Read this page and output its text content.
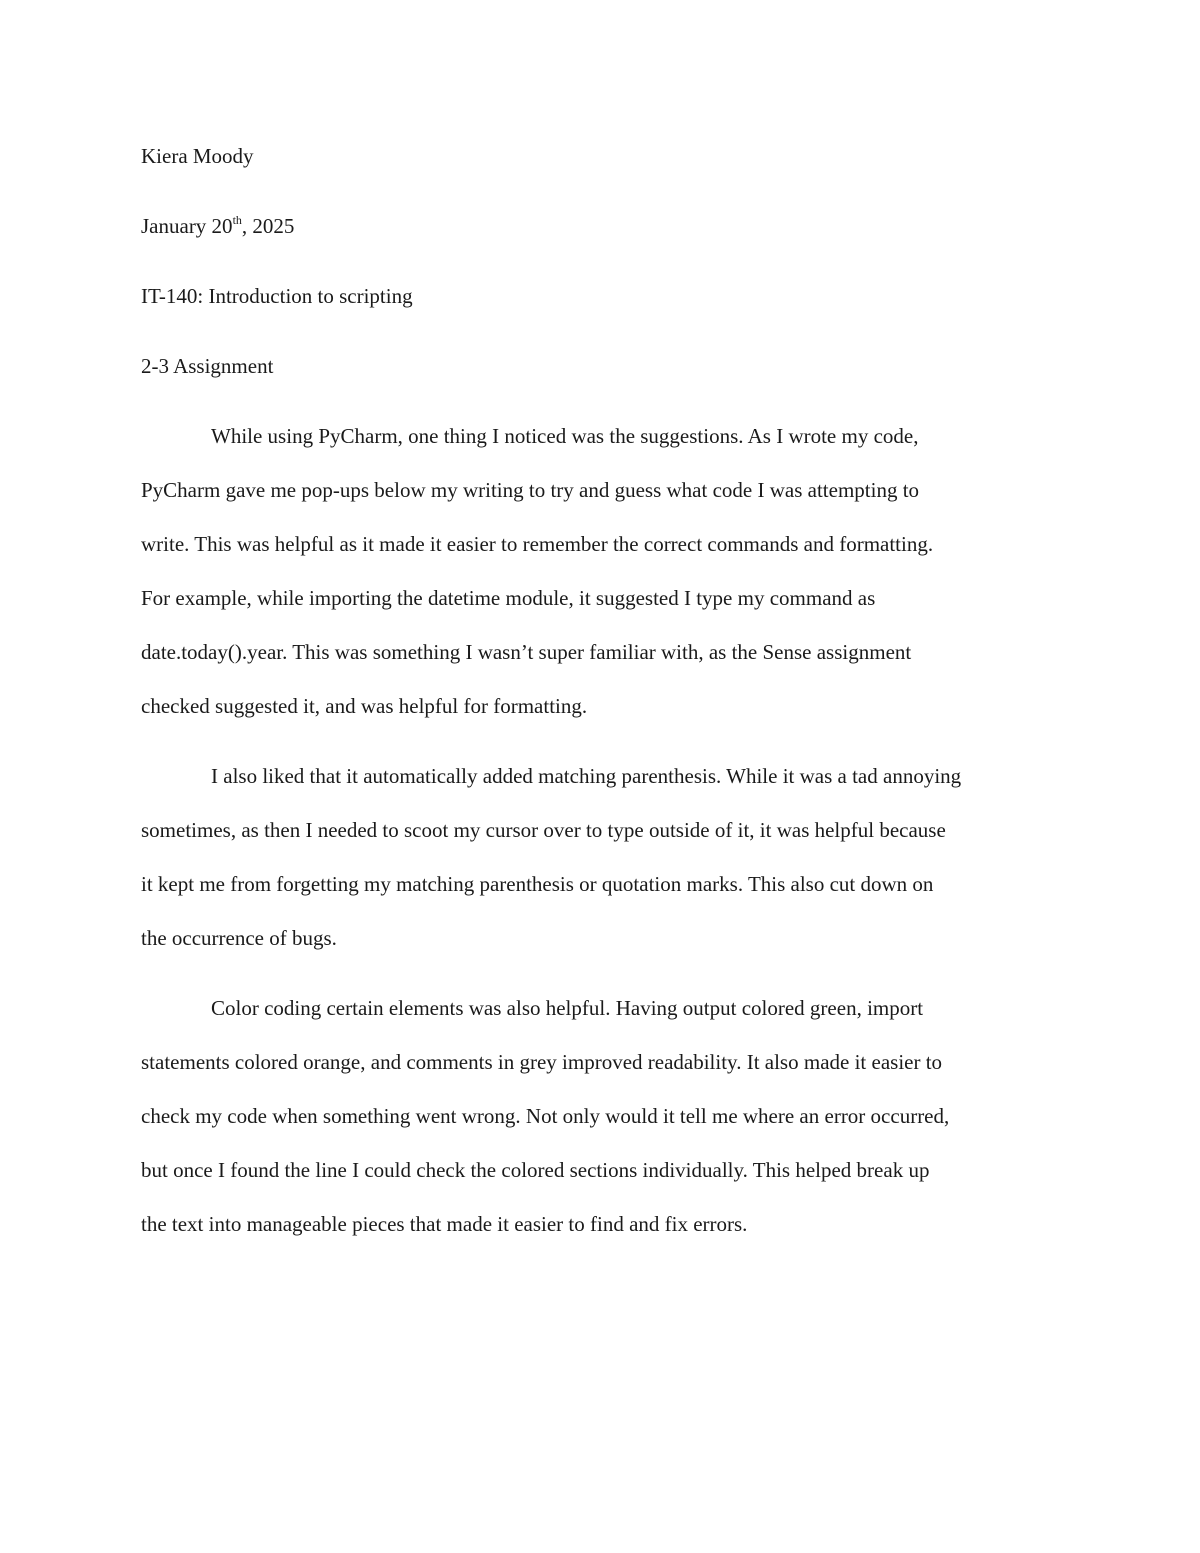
Kiera Moody

January 20th, 2025

IT-140: Introduction to scripting

2-3 Assignment

While using PyCharm, one thing I noticed was the suggestions. As I wrote my code,

PyCharm gave me pop-ups below my writing to try and guess what code I was attempting to

write. This was helpful as it made it easier to remember the correct commands and formatting.

For example, while importing the datetime module, it suggested I type my command as

date.today().year. This was something I wasn’t super familiar with, as the Sense assignment

checked suggested it, and was helpful for formatting.

I also liked that it automatically added matching parenthesis. While it was a tad annoying

sometimes, as then I needed to scoot my cursor over to type outside of it, it was helpful because

it kept me from forgetting my matching parenthesis or quotation marks. This also cut down on

the occurrence of bugs.

Color coding certain elements was also helpful. Having output colored green, import

statements colored orange, and comments in grey improved readability. It also made it easier to

check my code when something went wrong. Not only would it tell me where an error occurred,

but once I found the line I could check the colored sections individually. This helped break up

the text into manageable pieces that made it easier to find and fix errors.
